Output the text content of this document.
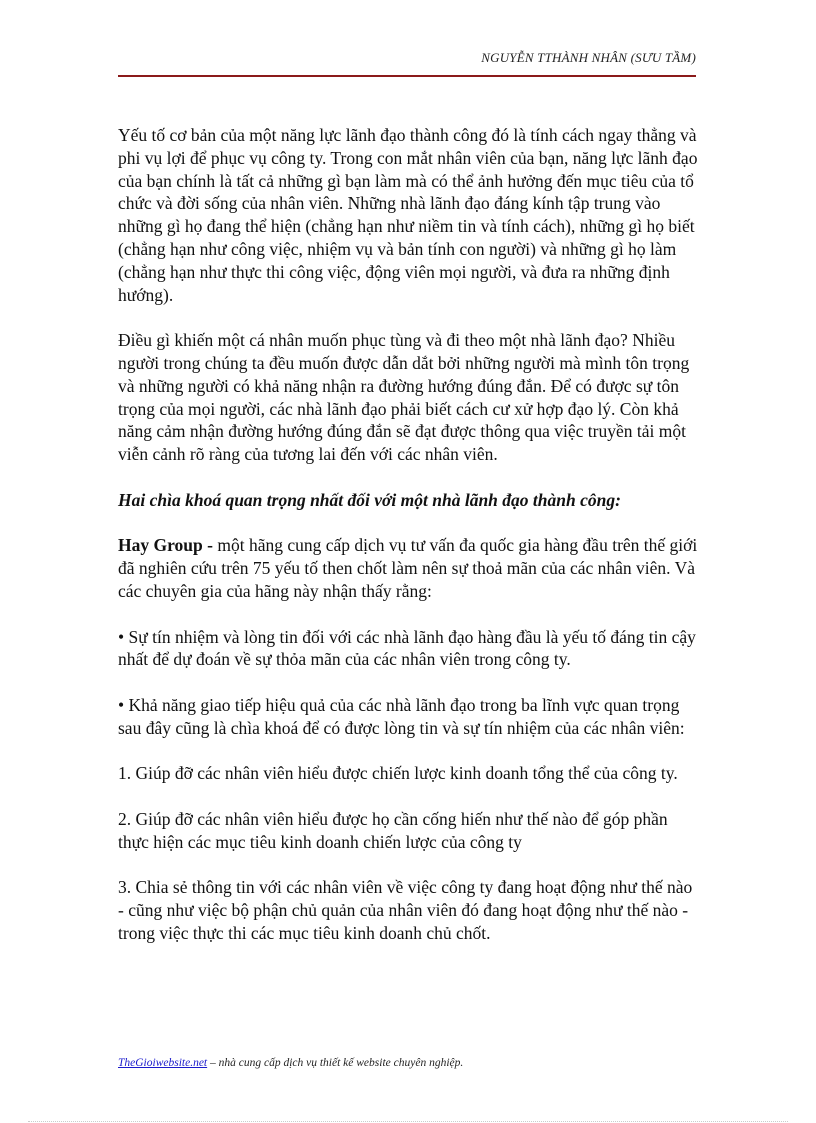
NGUYỄN TTHÀNH NHÂN (SƯU TẦM)

Yếu tố cơ bản của một năng lực lãnh đạo thành công đó là tính cách ngay thẳng và phi vụ lợi để phục vụ công ty. Trong con mắt nhân viên của bạn, năng lực lãnh đạo của bạn chính là tất cả những gì bạn làm mà có thể ảnh hưởng đến mục tiêu của tổ chức và đời sống của nhân viên. Những nhà lãnh đạo đáng kính tập trung vào những gì họ đang thể hiện (chẳng hạn như niềm tin và tính cách), những gì họ biết (chẳng hạn như công việc, nhiệm vụ và bản tính con người) và những gì họ làm (chẳng hạn như thực thi công việc, động viên mọi người, và đưa ra những định hướng).

Điều gì khiến một cá nhân muốn phục tùng và đi theo một nhà lãnh đạo? Nhiều người trong chúng ta đều muốn được dẫn dắt bởi những người mà mình tôn trọng và những người có khả năng nhận ra đường hướng đúng đắn. Để có được sự tôn trọng của mọi người, các nhà lãnh đạo phải biết cách cư xử hợp đạo lý. Còn khả năng cảm nhận đường hướng đúng đắn sẽ đạt được thông qua việc truyền tải một viễn cảnh rõ ràng của tương lai đến với các nhân viên.

Hai chìa khoá quan trọng nhất đối với một nhà lãnh đạo thành công:

Hay Group - một hãng cung cấp dịch vụ tư vấn đa quốc gia hàng đầu trên thế giới đã nghiên cứu trên 75 yếu tố then chốt làm nên sự thoả mãn của các nhân viên. Và các chuyên gia của hãng này nhận thấy rằng:

• Sự tín nhiệm và lòng tin đối với các nhà lãnh đạo hàng đầu là yếu tố đáng tin cậy nhất để dự đoán về sự thỏa mãn của các nhân viên trong công ty.

• Khả năng giao tiếp hiệu quả của các nhà lãnh đạo trong ba lĩnh vực quan trọng sau đây cũng là chìa khoá để có được lòng tin và sự tín nhiệm của các nhân viên:

1. Giúp đỡ các nhân viên hiểu được chiến lược kinh doanh tổng thể của công ty.

2. Giúp đỡ các nhân viên hiểu được họ cần cống hiến như thế nào để góp phần thực hiện các mục tiêu kinh doanh chiến lược của công ty

3. Chia sẻ thông tin với các nhân viên về việc công ty đang hoạt động như thế nào - cũng như việc bộ phận chủ quản của nhân viên đó đang hoạt động như thế nào - trong việc thực thi các mục tiêu kinh doanh chủ chốt.

TheGioiwebsite.net – nhà cung cấp dịch vụ thiết kế website chuyên nghiệp.
